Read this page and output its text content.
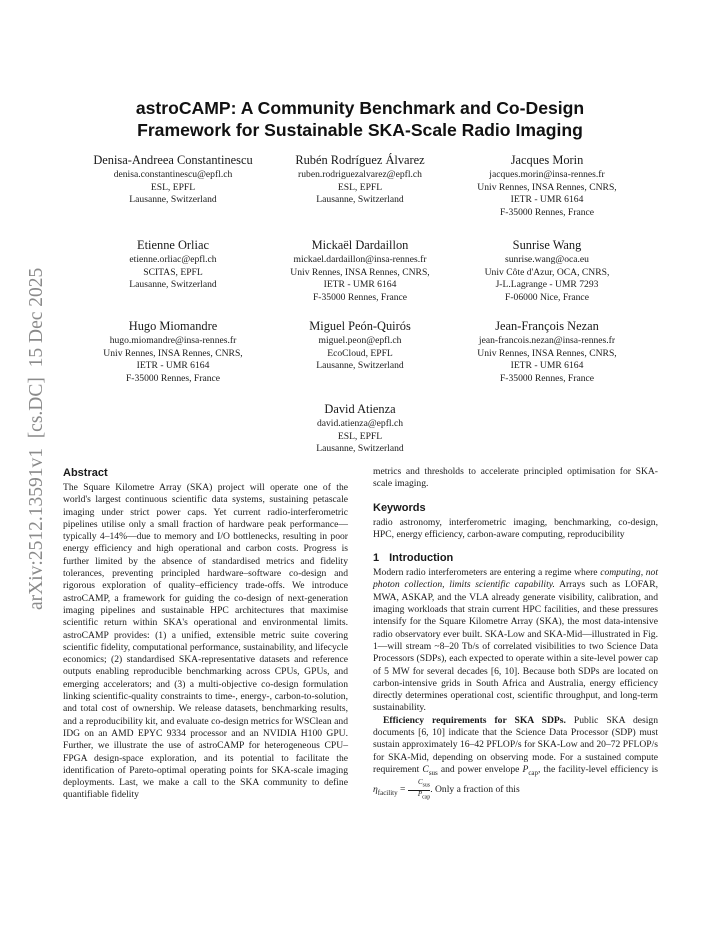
arXiv:2512.13591v1  [cs.DC]  15 Dec 2025
astroCAMP: A Community Benchmark and Co-Design
Framework for Sustainable SKA-Scale Radio Imaging
Denisa-Andreea Constantinescu
denisa.constantinescu@epfl.ch
ESL, EPFL
Lausanne, Switzerland
Rubén Rodríguez Álvarez
ruben.rodriguezalvarez@epfl.ch
ESL, EPFL
Lausanne, Switzerland
Jacques Morin
jacques.morin@insa-rennes.fr
Univ Rennes, INSA Rennes, CNRS,
IETR - UMR 6164
F-35000 Rennes, France
Etienne Orliac
etienne.orliac@epfl.ch
SCITAS, EPFL
Lausanne, Switzerland
Mickaël Dardaillon
mickael.dardaillon@insa-rennes.fr
Univ Rennes, INSA Rennes, CNRS,
IETR - UMR 6164
F-35000 Rennes, France
Sunrise Wang
sunrise.wang@oca.eu
Univ Côte d'Azur, OCA, CNRS,
J-L.Lagrange - UMR 7293
F-06000 Nice, France
Hugo Miomandre
hugo.miomandre@insa-rennes.fr
Univ Rennes, INSA Rennes, CNRS,
IETR - UMR 6164
F-35000 Rennes, France
Miguel Peón-Quirós
miguel.peon@epfl.ch
EcoCloud, EPFL
Lausanne, Switzerland
Jean-François Nezan
jean-francois.nezan@insa-rennes.fr
Univ Rennes, INSA Rennes, CNRS,
IETR - UMR 6164
F-35000 Rennes, France
David Atienza
david.atienza@epfl.ch
ESL, EPFL
Lausanne, Switzerland
Abstract

The Square Kilometre Array (SKA) project will operate one of the world's largest continuous scientific data systems, sustaining petascale imaging under strict power caps. Yet current radio-interferometric pipelines utilise only a small fraction of hardware peak performance—typically 4–14%—due to memory and I/O bottlenecks, resulting in poor energy efficiency and high operational and carbon costs. Progress is further limited by the absence of standardised metrics and fidelity tolerances, preventing principled hardware–software co-design and rigorous exploration of quality–efficiency trade-offs. We introduce astroCAMP, a framework for guiding the co-design of next-generation imaging pipelines and sustainable HPC architectures that maximise scientific return within SKA's operational and environmental limits. astroCAMP provides: (1) a unified, extensible metric suite covering scientific fidelity, computational performance, sustainability, and lifecycle economics; (2) standardised SKA-representative datasets and reference outputs enabling reproducible benchmarking across CPUs, GPUs, and emerging accelerators; and (3) a multi-objective co-design formulation linking scientific-quality constraints to time-, energy-, carbon-to-solution, and total cost of ownership. We release datasets, benchmarking results, and a reproducibility kit, and evaluate co-design metrics for WSClean and IDG on an AMD EPYC 9334 processor and an NVIDIA H100 GPU. Further, we illustrate the use of astroCAMP for heterogeneous CPU–FPGA design-space exploration, and its potential to facilitate the identification of Pareto-optimal operating points for SKA-scale imaging deployments. Last, we make a call to the SKA community to define quantifiable fidelity

metrics and thresholds to accelerate principled optimisation for SKA-scale imaging.

Keywords

radio astronomy, interferometric imaging, benchmarking, co-design, HPC, energy efficiency, carbon-aware computing, reproducibility

1 Introduction

Modern radio interferometers are entering a regime where computing, not photon collection, limits scientific capability. Arrays such as LOFAR, MWA, ASKAP, and the VLA already generate visibility, calibration, and imaging workloads that strain current HPC facilities, and these pressures intensify for the Square Kilometre Array (SKA), the most data-intensive radio observatory ever built. SKA-Low and SKA-Mid—illustrated in Fig. 1—will stream ~8–20 Tb/s of correlated visibilities to two Science Data Processors (SDPs), each expected to operate within a site-level power cap of 5 MW for several decades [6, 10]. Because both SDPs are located on carbon-intensive grids in South Africa and Australia, energy efficiency directly determines operational cost, scientific throughput, and long-term sustainability.

Efficiency requirements for SKA SDPs. Public SKA design documents [6, 10] indicate that the Science Data Processor (SDP) must sustain approximately 16–42 PFLOP/s for SKA-Low and 20–72 PFLOP/s for SKA-Mid, depending on observing mode. For a sustained compute requirement $C_{sus}$ and power envelope $P_{cap}$, the facility-level efficiency is $\eta_{facility}$ =
$C_{sus}$
$P_{cap}$
. Only a fraction of this
